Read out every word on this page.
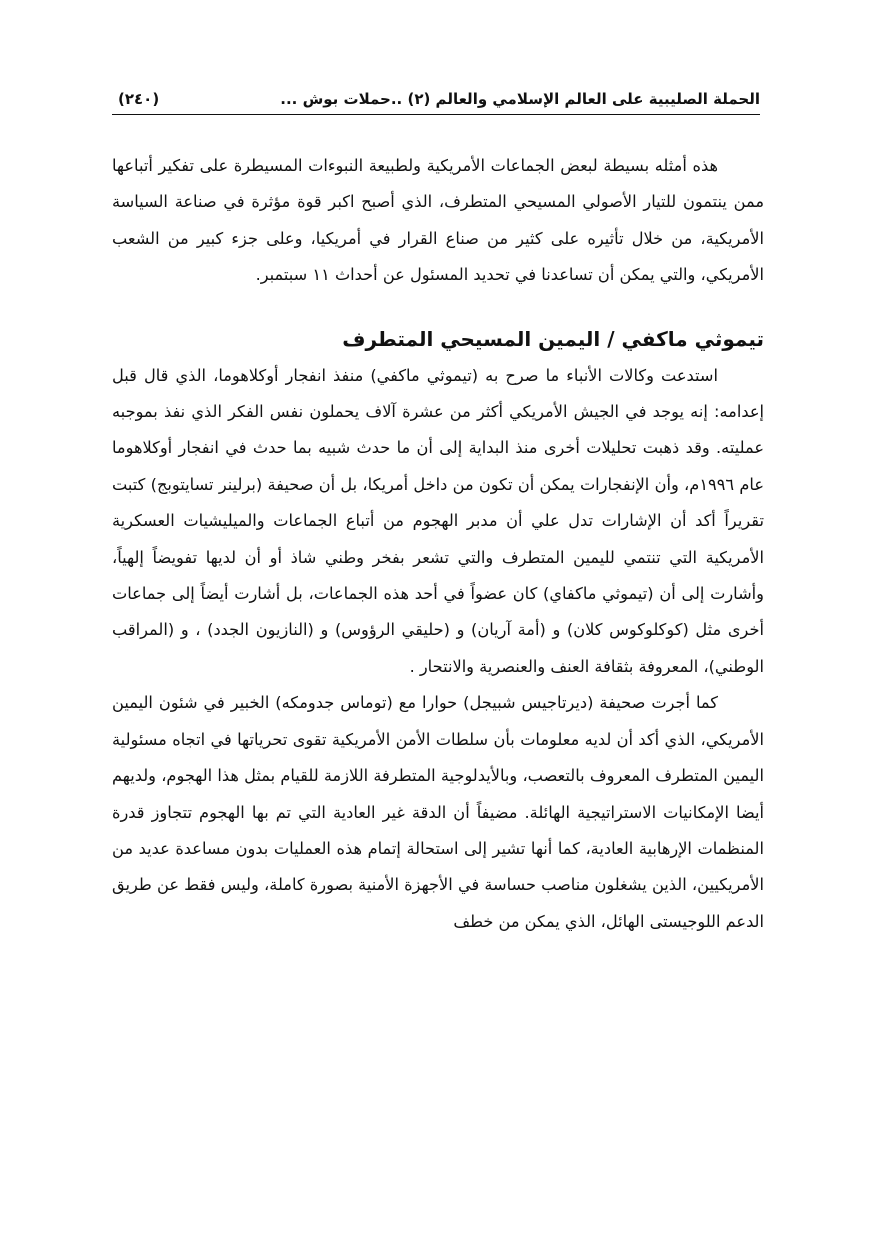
الحملة الصليبية على العالم الإسلامي والعالم (٢) ..حملات بوش ...
(٢٤٠)

هذه أمثله بسيطة لبعض الجماعات الأمريكية ولطبيعة النبوءات المسيطرة على تفكير أتباعها ممن ينتمون للتيار الأصولي المسيحي المتطرف، الذي أصبح اكبر قوة مؤثرة في صناعة السياسة الأمريكية، من خلال تأثيره على كثير من صناع القرار في أمريكيا، وعلى جزء كبير من الشعب الأمريكي، والتي يمكن أن تساعدنا في تحديد المسئول عن أحداث ١١ سبتمبر.

تيموثي ماكفي / اليمين المسيحي المتطرف

استدعت وكالات الأنباء ما صرح به (تيموثي ماكفي) منفذ انفجار أوكلاهوما، الذي قال قبل إعدامه: إنه يوجد في الجيش الأمريكي أكثر من عشرة آلاف يحملون نفس الفكر الذي نفذ بموجبه عمليته. وقد ذهبت تحليلات أخرى منذ البداية إلى أن ما حدث شبيه بما حدث في انفجار أوكلاهوما عام ١٩٩٦م، وأن الإنفجارات يمكن أن تكون من داخل أمريكا، بل أن صحيفة (برلينر تسايتوبج) كتبت تقريراً أكد أن الإشارات تدل علي أن مدبر الهجوم من أتباع الجماعات والميليشيات العسكرية الأمريكية التي تنتمي لليمين المتطرف والتي تشعر بفخر وطني شاذ أو أن لديها تفويضاً إلهياً، وأشارت إلى أن (تيموثي ماكفاي) كان عضواً في أحد هذه الجماعات، بل أشارت أيضاً إلى جماعات أخرى مثل (كوكلوكوس كلان) و (أمة آريان) و (حليقي الرؤوس) و (النازيون الجدد) ، و (المراقب الوطني)، المعروفة بثقافة العنف والعنصرية والانتحار .

كما أجرت صحيفة (ديرتاجيس شبيجل) حوارا مع (توماس جدومكه) الخبير في شئون اليمين الأمريكي، الذي أكد أن لديه معلومات بأن سلطات الأمن الأمريكية تقوى تحرياتها في اتجاه مسئولية اليمين المتطرف المعروف بالتعصب، وبالأيدلوجية المتطرفة اللازمة للقيام بمثل هذا الهجوم، ولديهم أيضا الإمكانيات الاستراتيجية الهائلة. مضيفاً أن الدقة غير العادية التي تم بها الهجوم تتجاوز قدرة المنظمات الإرهابية العادية، كما أنها تشير إلى استحالة إتمام هذه العمليات بدون مساعدة عديد من الأمريكيين، الذين يشغلون مناصب حساسة في الأجهزة الأمنية بصورة كاملة، وليس فقط عن طريق الدعم اللوجيستى الهائل، الذي يمكن من خطف
